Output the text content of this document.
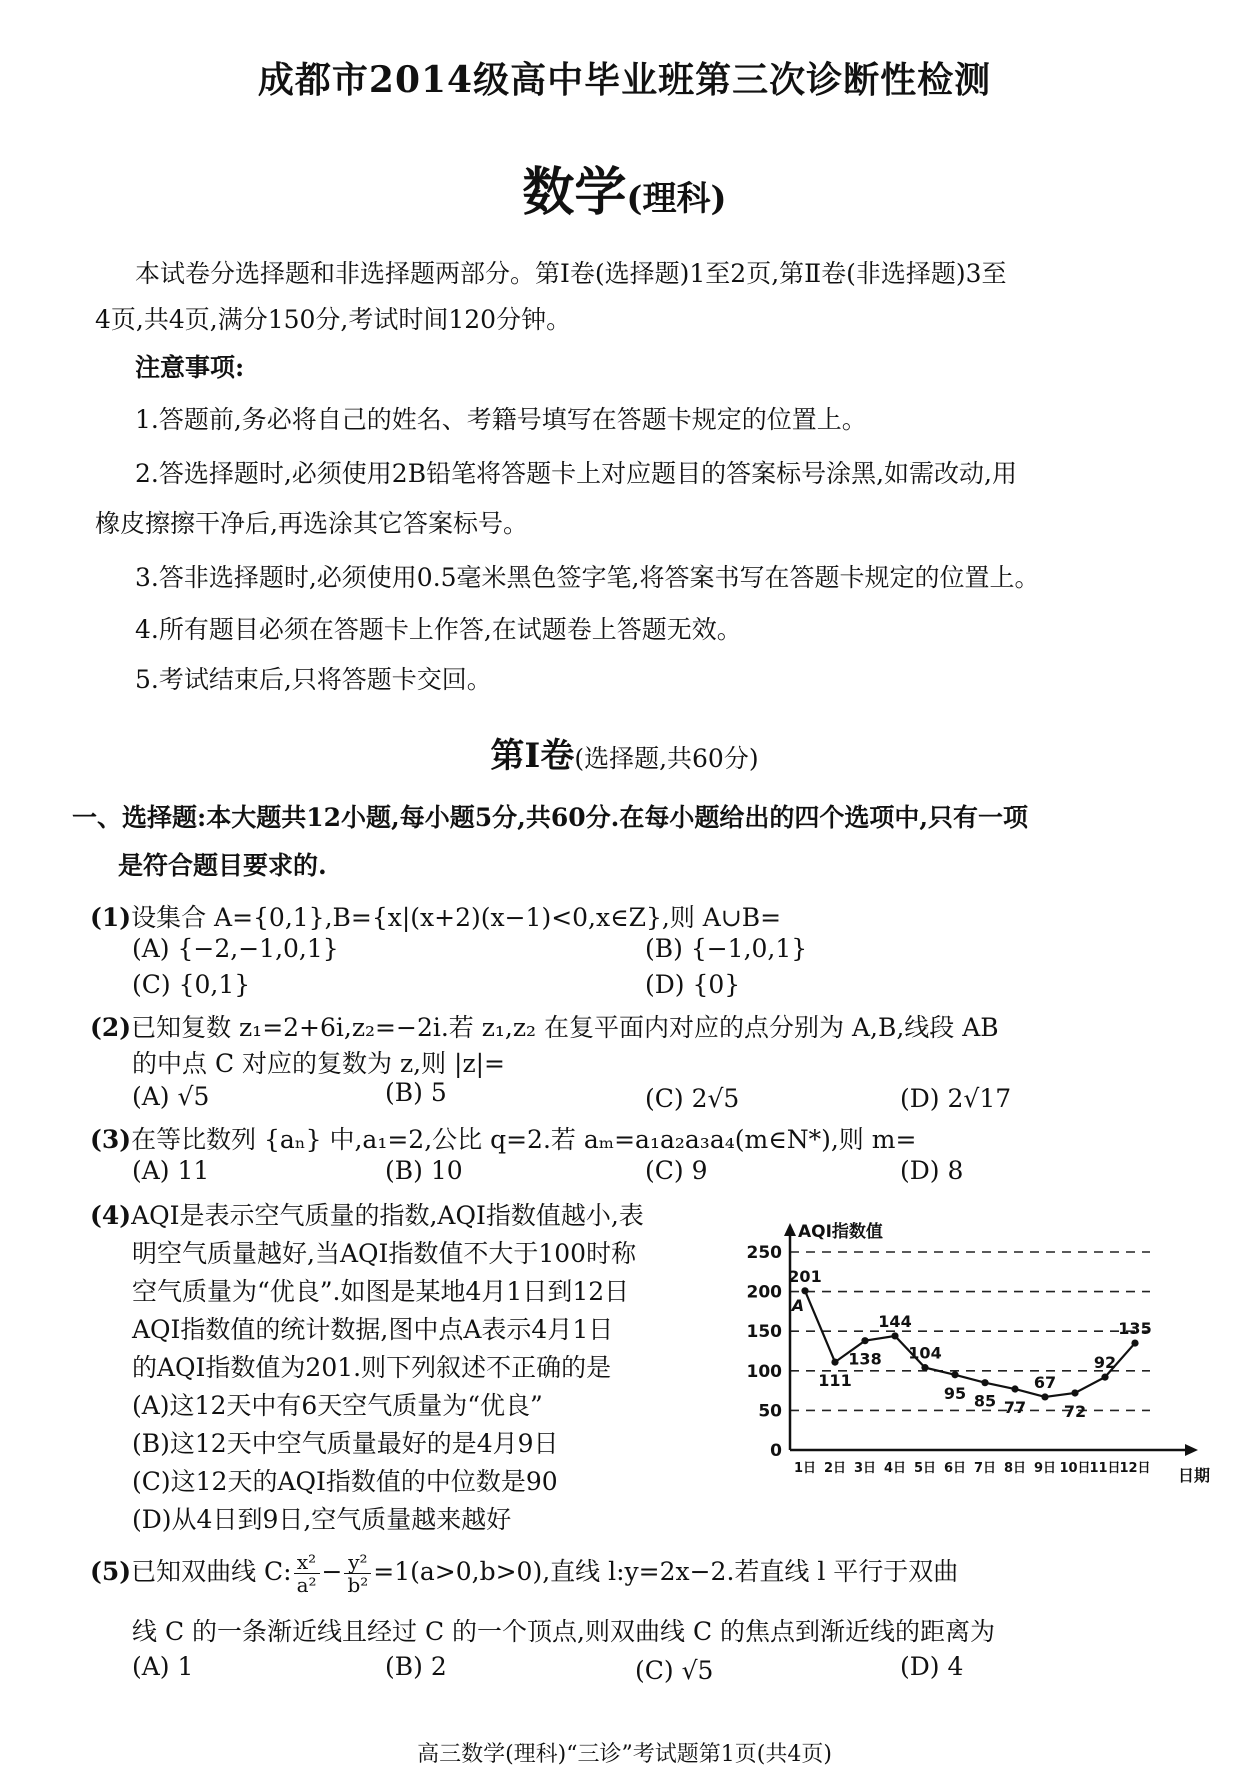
成都市2014级高中毕业班第三次诊断性检测
数学(理科)
本试卷分选择题和非选择题两部分。第Ⅰ卷(选择题)1至2页,第Ⅱ卷(非选择题)3至
4页,共4页,满分150分,考试时间120分钟。
注意事项:
1.答题前,务必将自己的姓名、考籍号填写在答题卡规定的位置上。
2.答选择题时,必须使用2B铅笔将答题卡上对应题目的答案标号涂黑,如需改动,用
橡皮擦擦干净后,再选涂其它答案标号。
3.答非选择题时,必须使用0.5毫米黑色签字笔,将答案书写在答题卡规定的位置上。
4.所有题目必须在答题卡上作答,在试题卷上答题无效。
5.考试结束后,只将答题卡交回。
第Ⅰ卷(选择题,共60分)
一、选择题:本大题共12小题,每小题5分,共60分.在每小题给出的四个选项中,只有一项
是符合题目要求的.
(1)设集合 A={0,1},B={x|(x+2)(x−1)<0,x∈Z},则 A∪B=
(A) {−2,−1,0,1}	(B) {−1,0,1}
(C) {0,1}	(D) {0}
(2)已知复数 z₁=2+6i,z₂=−2i.若 z₁,z₂ 在复平面内对应的点分别为 A,B,线段 AB
的中点 C 对应的复数为 z,则 |z|=
(A) √5	(B) 5	(C) 2√5	(D) 2√17
(3)在等比数列 {aₙ} 中,a₁=2,公比 q=2.若 aₘ=a₁a₂a₃a₄(m∈N*),则 m=
(A) 11	(B) 10	(C) 9	(D) 8
(4)AQI是表示空气质量的指数,AQI指数值越小,表
明空气质量越好,当AQI指数值不大于100时称
空气质量为“优良”.如图是某地4月1日到12日
AQI指数值的统计数据,图中点A表示4月1日
的AQI指数值为201.则下列叙述不正确的是
(A)这12天中有6天空气质量为“优良”
(B)这12天中空气质量最好的是4月9日
(C)这12天的AQI指数值的中位数是90
(D)从4日到9日,空气质量越来越好
0
50
100
150
200
250
1日 2日 3日 4日 5日 6日 7日 8日 9日 10日
11日
12日
AQI指数值
日期
201
111
138
144
104
95 85 77
67
72
92
135
A
(5)已知双曲线 C: $\frac{\text{x²}}{\text{a²}} - \frac{\text{y²}}{\text{b²}} =1(a>0,b>0)$,直线 l:y=2x−2.若直线 l 平行于双曲
线 C 的一条渐近线且经过 C 的一个顶点,则双曲线 C 的焦点到渐近线的距离为
(A) 1	(B) 2	(C) √5	(D) 4
高三数学(理科)“三诊”考试题第1页(共4页)
